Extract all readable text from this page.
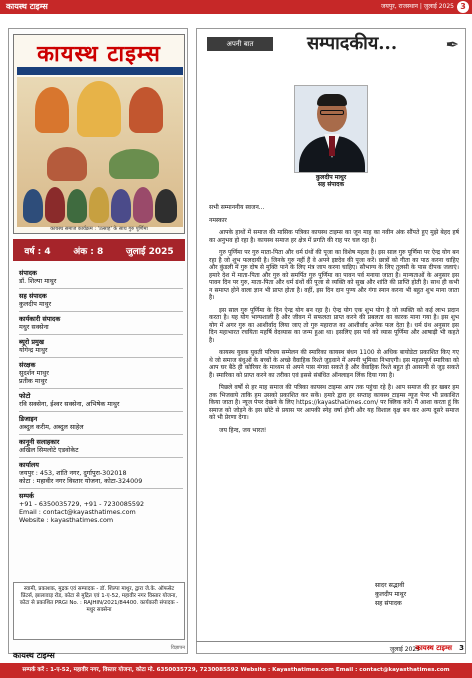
कायस्थ टाइम्स	जयपुर, राजस्थान | जुलाई 2025 3
कायस्थ टाइम्स
कायस्थ समाज कार्यक्रम : 'उत्साह' के साथ गुरु पूर्णिमा
वर्ष : 4	अंक : 8	जुलाई 2025
संपादक
डॉ. शिल्पा माथुर
सह संपादक
कुलदीप माथुर
कार्यकारी संपादक
मधुर सक्सेना
ब्यूरो प्रमुख
योगेन्द्र माथुर
संरक्षक
सुदर्शन माथुर
प्रतीक माथुर
फोटो
रवि सक्सेना, ईश्वर सक्सेना, अभिषेक माथुर
डिजाइन
अब्दुल करीम, अब्दुल साहेल
कानूनी सलाहकार
अखिल सिमलोटे एडवोकेट
कार्यालय
जयपुर : 453, शांति नगर, दुर्गापुरा-302018
कोटा : महावीर नगर विस्तार योजना, कोटा-324009
सम्पर्क
+91 - 6350035729, +91 - 7230085592
Email : contact@kayasthatimes.com
Website : kayasthatimes.com
स्वामी, प्रकाशक, मुद्रक एवं सम्पादक - डॉ. शिल्पा माथुर, द्वारा जे.के. ऑफसेट प्रिंटर्स, झालावाड़ रोड, कोटा से मुद्रित एवं 1-ए-52, महावीर नगर विस्तार योजना, कोटा से प्रकाशित PRGI No. : RAJHIN/2021/84400. कार्यकारी संपादक - मधुर सक्सेना
कायस्थ टाइम्स
विज्ञापन
अपनी बात	सम्पादकीय...	✒
कुलदीप माथुर
सह संपादक

सभी सम्माननीय स्वजन...

नमस्कार

आपके हाथों में समाज की मासिक पत्रिका कायस्थ टाइम्स का जून माह का नवीन अंक सौंपते हुए मुझे बेहद हर्ष का अनुभव हो रहा है। कायस्थ समाज हर क्षेत्र में प्रगति की राह पर चल रहा है।

गुरु पूर्णिमा पर गुरु माता-पिता और धर्म ग्रंथों की पूजा का विशेष महत्व है। इस साल गुरु पूर्णिमा पर ऐन्द्र योग बन रहा है जो शुभ फलदायी है। जिनके गुरु नहीं हैं वे अपने इष्टदेव की पूजा करें। छात्रों को गीता का पाठ करना चाहिए और कुंडली में गुरु दोष से मुक्ति पाने के लिए मंत्र जाप करना चाहिए। सौभाग्य के लिए तुलसी के पास दीपक जलाएं। हमारे देश में माता-पिता और गुरु को समर्पित गुरु पूर्णिमा का पावन पर्व मनाया जाता है। मान्यताओं के अनुसार इस पावन दिन पर गुरु, माता-पिता और धर्म ग्रंथों की पूजा से व्यक्ति को सुख और शांति की प्राप्ति होती है। साथ ही कभी न समाप्त होने वाला ज्ञान भी प्राप्त होता है। वहीं, इस दिन दान पुण्य और गंगा स्नान करना भी बहुत शुभ माना जाता है।

इस साल गुरु पूर्णिमा के दिन ऐन्द्र योग बन रहा है। ऐन्द्र योग एक शुभ योग है जो व्यक्ति को कई लाभ प्रदान करता है। यह योग भाग्यशाली है और जीवन में सफलता प्राप्त करने की प्रबलता का कारक माना गया है। इस शुभ योग में अगर गुरु का आशीर्वाद लिया जाए तो गुरु महाराज का आशीर्वाद अनेक फल देता है। धर्म ग्रंथ अनुसार इस दिन महाभारत रचयिता महर्षि वेदव्यास का जन्म हुआ था। इसलिए इस पर्व को व्यास पूर्णिमा और आषाढ़ी भी कहते है।

कायस्थ युवक युवती परिचय सम्मेलन की स्मारिका कायस्थ बंधन 1100 से अधिक बायोडेटा प्रकाशित किए गए थे जो समाज बंधुओं के बच्चों के अच्छे वैवाहिक रिश्ते जुड़वाने में अपनी भूमिका निभाएगी। इस महत्वपूर्ण स्मारिका को आप घर बैठे ही कोरियर के माध्यम से अपने पास मंगवा सकते है और वैवाहिक रिश्ते बहुत ही आसानी से जुड़ सकते हैं। स्मारिका को प्राप्त करने का तरीका एवं इससे संबंधित ऑनलाइन लिंक दिया गया है।

पिछले वर्षों से हर माह समाज की पत्रिका कायस्थ टाइम्स आप तक पहुंचा रहे है। आप समाज की हर खबर हम तक भिजवाये ताकि हम उसको प्रकाशित कर सकें। हमारे द्वारा हर सप्ताह कायस्थ टाइम्स न्यूज पेपर भी प्रकाशित किया जाता है। न्यूज पेपर देखने के लिए https://kayasthatimes.com/ पर क्लिक करें। मैं आशा करता हूं कि समाज को जोड़ने के इस छोटे से प्रयास पर आपकी स्नेह वर्षा होगी और यह विशाल वृक्ष बन कर अन्य दूसरे समाज को भी प्रेरणा देगा।

जय हिन्द, जय भारत!

सादर सद्भावी
कुलदीप माथुर
सह संपादक
जुलाई 2025
कायस्थ टाइम्स 3
सम्पर्क करें : 1-ए-52, महावीर नगर, विस्तार योजना, कोटा मो. 6350035729, 7230085592 Website : Kayasthatimes.com Email : contact@kayasthatimes.com
